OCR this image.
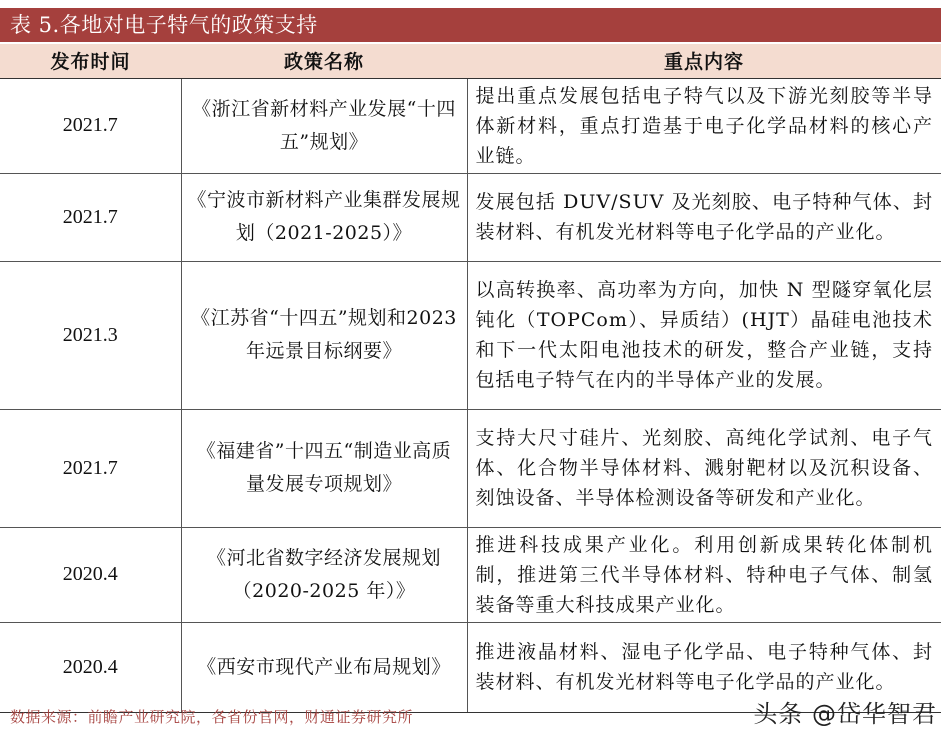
表 5.各地对电子特气的政策支持
发布时间	政策名称	重点内容
2021.7	《浙江省新材料产业发展“十四五”规划》	提出重点发展包括电子特气以及下游光刻胶等半导体新材料，重点打造基于电子化学品材料的核心产业链。
2021.7	《宁波市新材料产业集群发展规划（2021-2025）》	发展包括 DUV/SUV 及光刻胶、电子特种气体、封装材料、有机发光材料等电子化学品的产业化。
2021.3	《江苏省“十四五”规划和2023 年远景目标纲要》	以高转换率、高功率为方向，加快 N 型隧穿氧化层钝化（TOPCom）、异质结）(HJT）晶硅电池技术和下一代太阳电池技术的研发，整合产业链，支持包括电子特气在内的半导体产业的发展。
2021.7	《福建省”十四五“制造业高质量发展专项规划》	支持大尺寸硅片、光刻胶、高纯化学试剂、电子气体、化合物半导体材料、溅射靶材以及沉积设备、刻蚀设备、半导体检测设备等研发和产业化。
2020.4	《河北省数字经济发展规划（2020-2025 年）》	推进科技成果产业化。利用创新成果转化体制机制，推进第三代半导体材料、特种电子气体、制氢装备等重大科技成果产业化。
2020.4	《西安市现代产业布局规划》	推进液晶材料、湿电子化学品、电子特种气体、封装材料、有机发光材料等电子化学品的产业化。
数据来源：前瞻产业研究院，各省份官网，财通证券研究所	头条 @岱华智君
